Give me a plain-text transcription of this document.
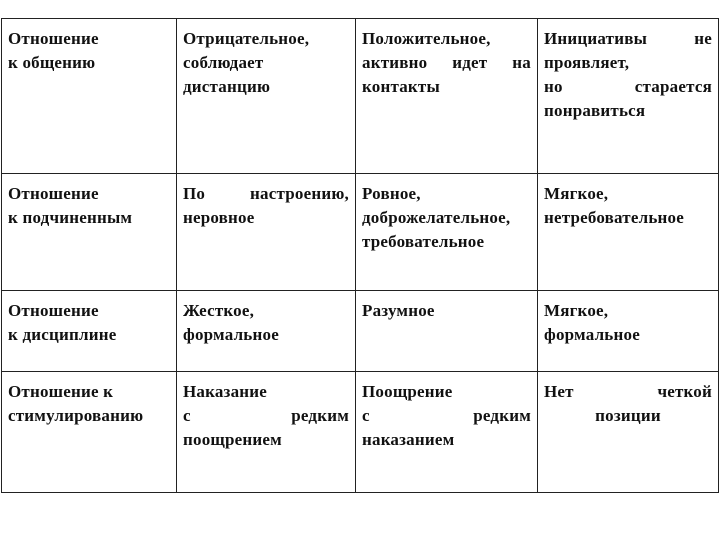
Отношение
к общению	Отрицательное,
соблюдает
дистанцию	Положительное,
активно идет на
контакты	Инициативы не
проявляет,
но старается
понравиться

Отношение
к подчиненным	По настроению,
неровное	Ровное,
доброжелательное,
требовательное	Мягкое,
нетребовательное

Отношение
к дисциплине	Жесткое,
формальное	Разумное	Мягкое,
формальное

Отношение к
стимулированию	Наказание
с редким
поощрением	Поощрение
с редким
наказанием	Нет четкой
позиции
